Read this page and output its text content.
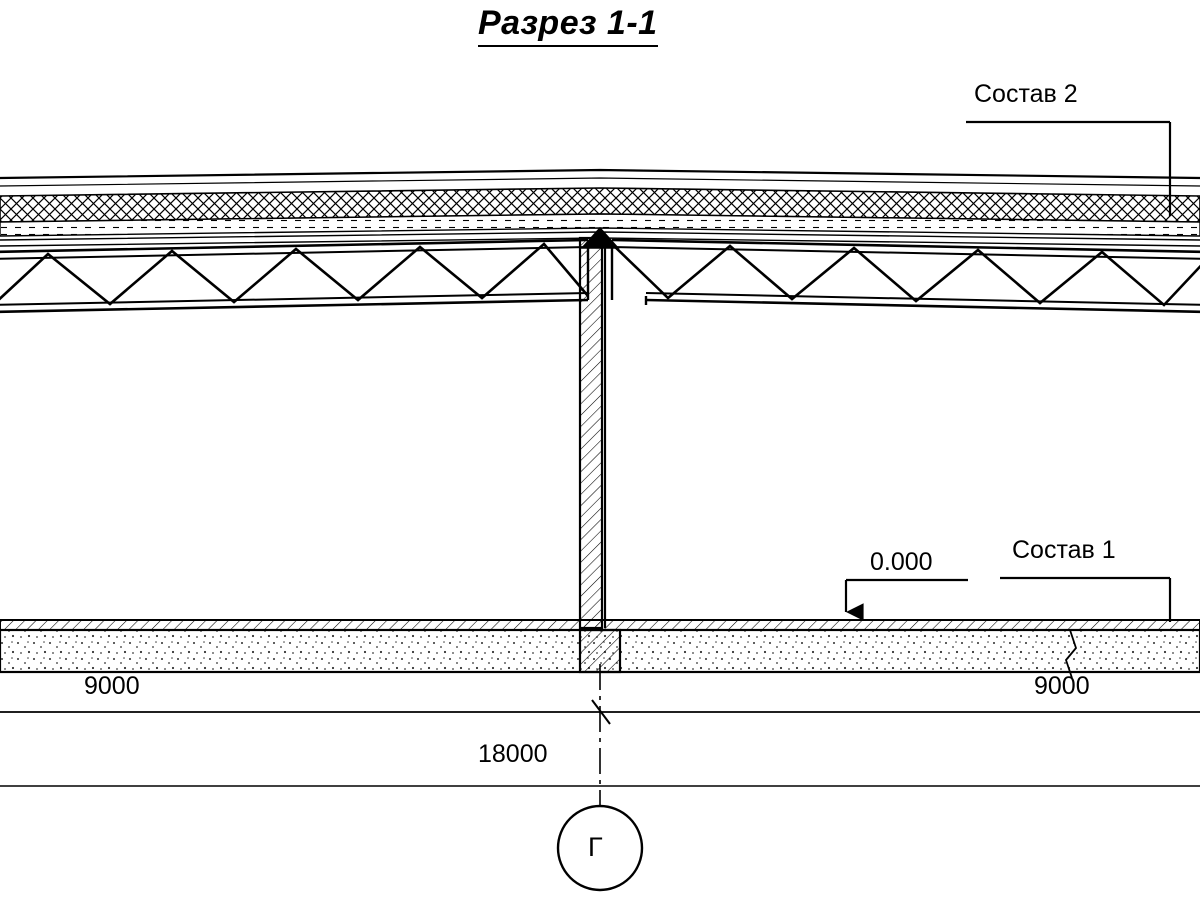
Разрез 1-1
Состав 2
Состав 1
0.000
9000	9000
18000
Г
